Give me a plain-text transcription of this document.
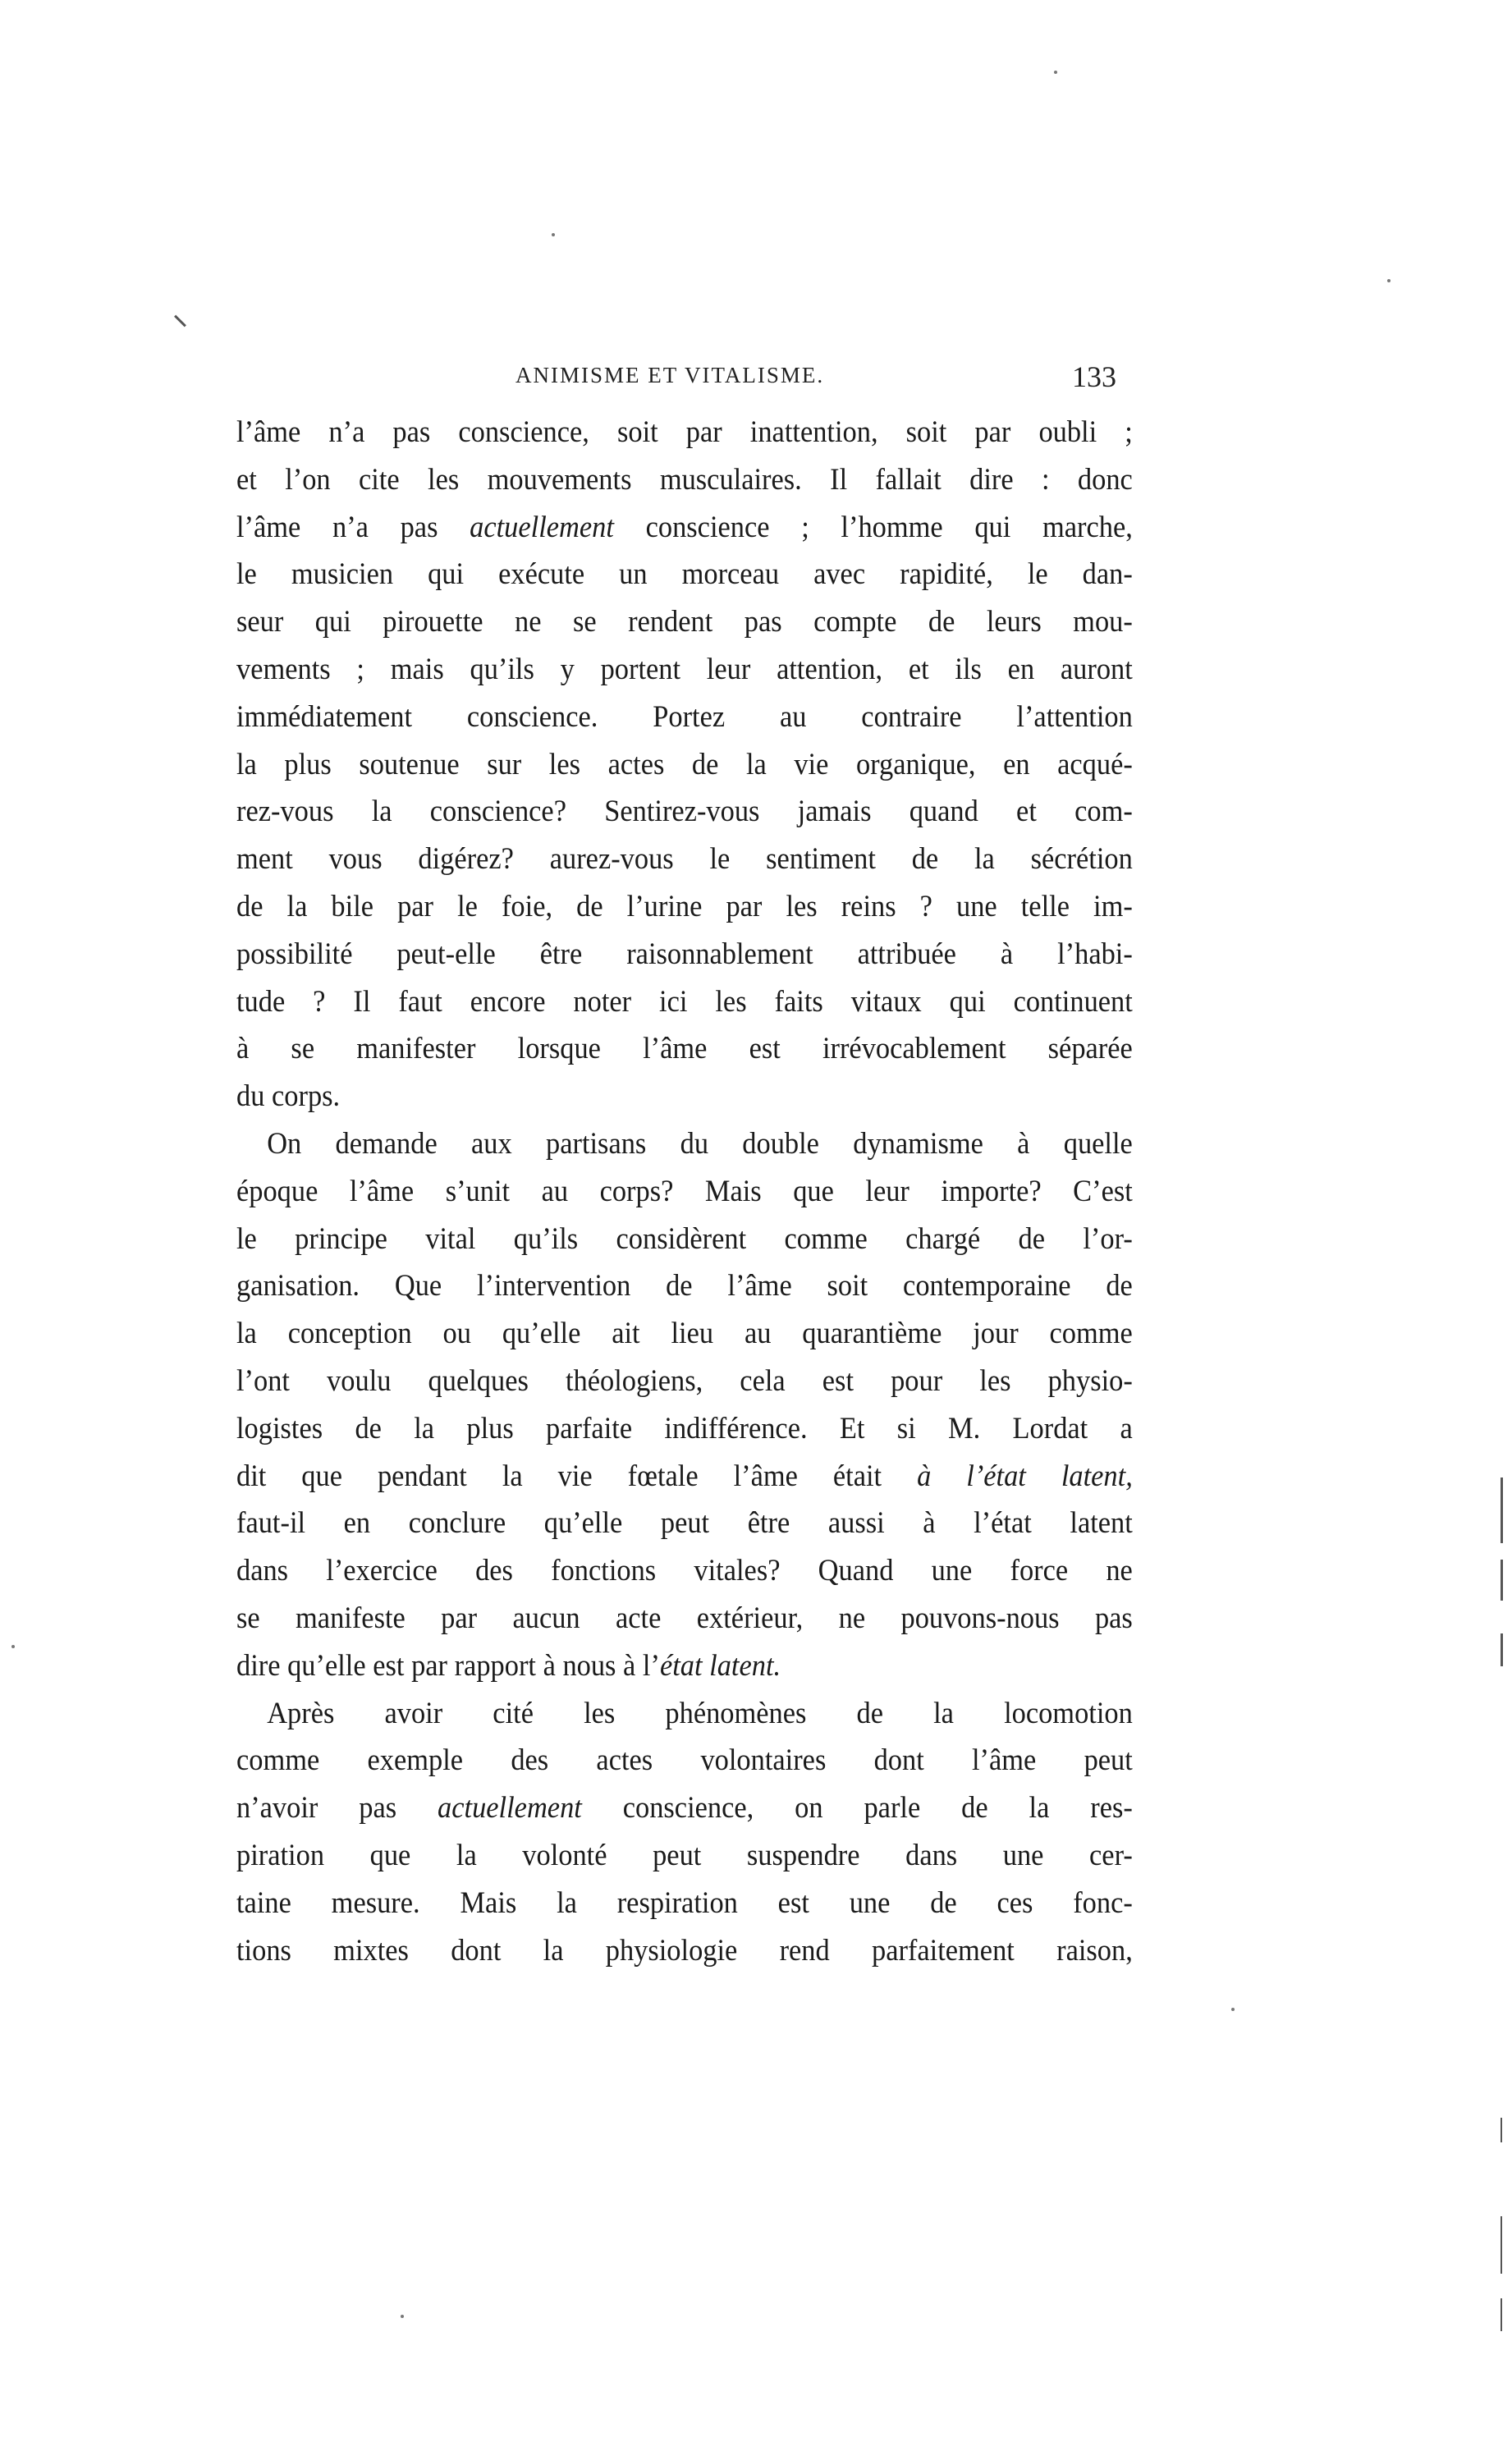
ANIMISME ET VITALISME.	133
l’âme n’a pas conscience, soit par inattention, soit par oubli ;
et l’on cite les mouvements musculaires. Il fallait dire : donc
l’âme n’a pas actuellement conscience ; l’homme qui marche,
le musicien qui exécute un morceau avec rapidité, le dan-
seur qui pirouette ne se rendent pas compte de leurs mou-
vements ; mais qu’ils y portent leur attention, et ils en auront
immédiatement conscience. Portez au contraire l’attention
la plus soutenue sur les actes de la vie organique, en acqué-
rez-vous la conscience? Sentirez-vous jamais quand et com-
ment vous digérez? aurez-vous le sentiment de la sécrétion
de la bile par le foie, de l’urine par les reins ? une telle im-
possibilité peut-elle être raisonnablement attribuée à l’habi-
tude ? Il faut encore noter ici les faits vitaux qui continuent
à se manifester lorsque l’âme est irrévocablement séparée
du corps.
On demande aux partisans du double dynamisme à quelle
époque l’âme s’unit au corps? Mais que leur importe? C’est
le principe vital qu’ils considèrent comme chargé de l’or-
ganisation. Que l’intervention de l’âme soit contemporaine de
la conception ou qu’elle ait lieu au quarantième jour comme
l’ont voulu quelques théologiens, cela est pour les physio-
logistes de la plus parfaite indifférence. Et si M. Lordat a
dit que pendant la vie fœtale l’âme était à l’état latent,
faut-il en conclure qu’elle peut être aussi à l’état latent
dans l’exercice des fonctions vitales? Quand une force ne
se manifeste par aucun acte extérieur, ne pouvons-nous pas
dire qu’elle est par rapport à nous à l’état latent.
Après avoir cité les phénomènes de la locomotion
comme exemple des actes volontaires dont l’âme peut
n’avoir pas actuellement conscience, on parle de la res-
piration que la volonté peut suspendre dans une cer-
taine mesure. Mais la respiration est une de ces fonc-
tions mixtes dont la physiologie rend parfaitement raison,
